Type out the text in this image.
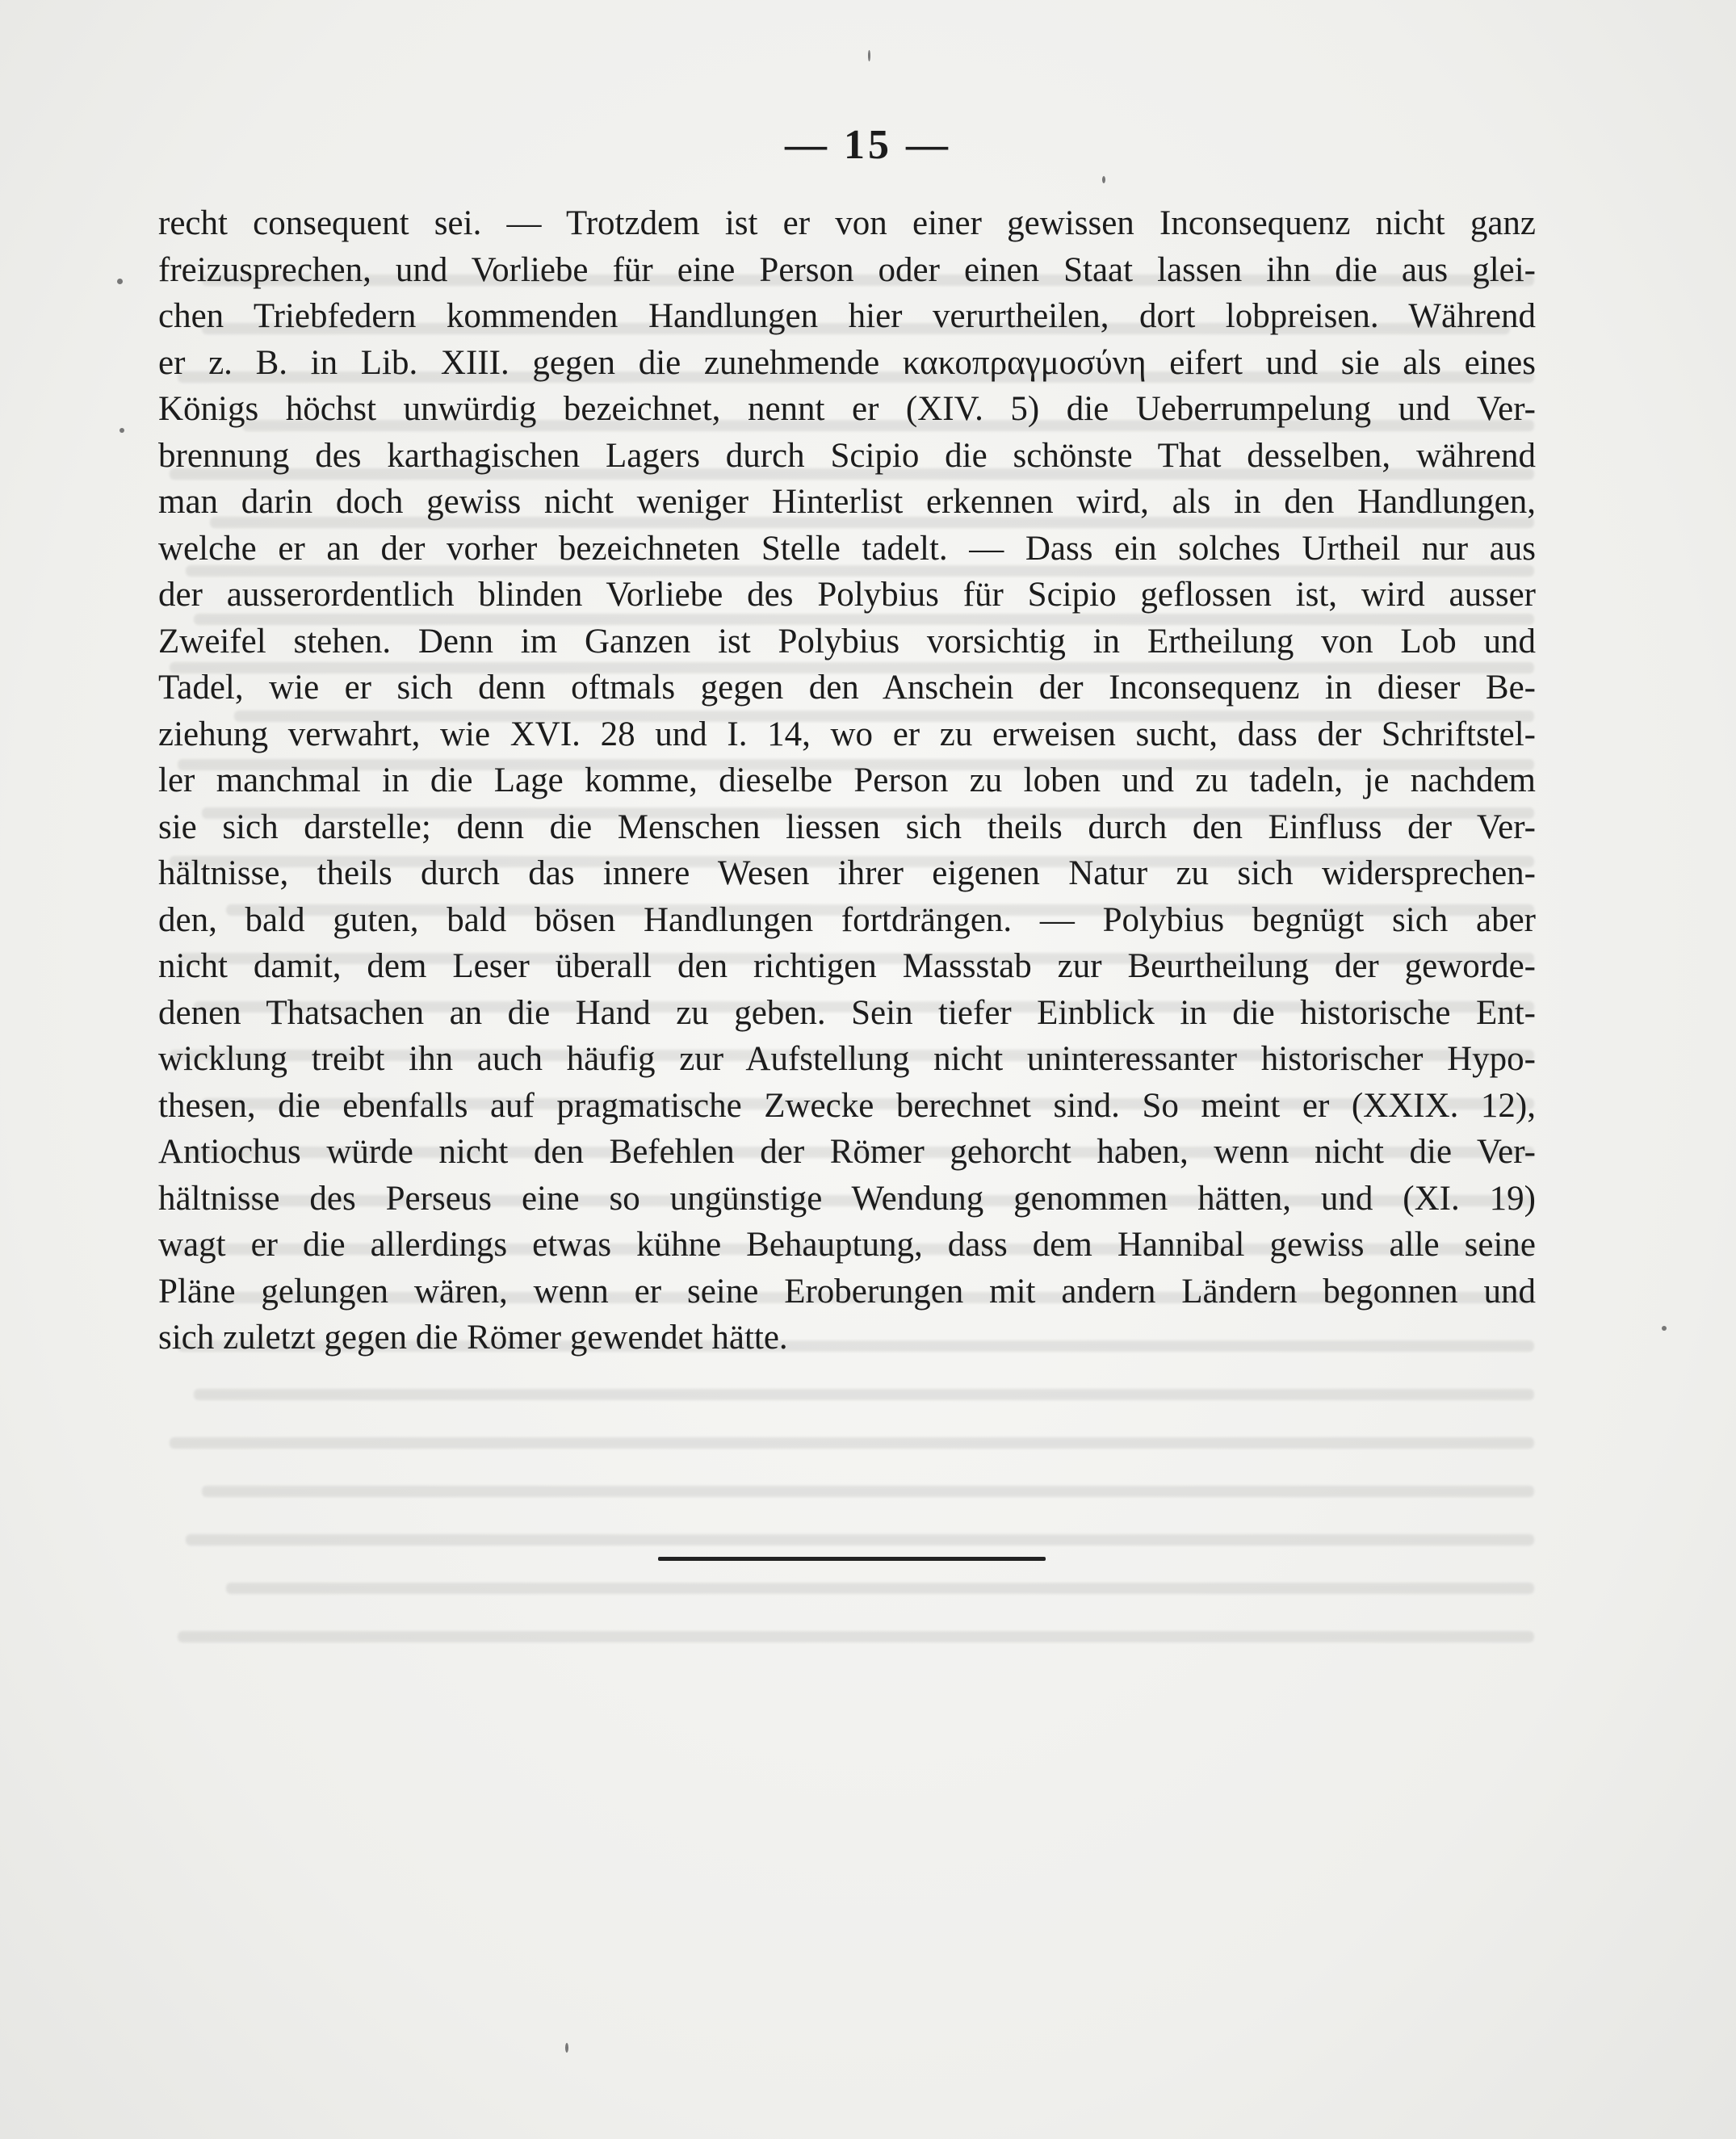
— 15 —
recht consequent sei. — Trotzdem ist er von einer gewissen Inconsequenz nicht ganz
freizusprechen, und Vorliebe für eine Person oder einen Staat lassen ihn die aus glei-
chen Triebfedern kommenden Handlungen hier verurtheilen, dort lobpreisen. Während
er z. B. in Lib. XIII. gegen die zunehmende κακοπραγμοσύνη eifert und sie als eines
Königs höchst unwürdig bezeichnet, nennt er (XIV. 5) die Ueberrumpelung und Ver-
brennung des karthagischen Lagers durch Scipio die schönste That desselben, während
man darin doch gewiss nicht weniger Hinterlist erkennen wird, als in den Handlungen,
welche er an der vorher bezeichneten Stelle tadelt. — Dass ein solches Urtheil nur aus
der ausserordentlich blinden Vorliebe des Polybius für Scipio geflossen ist, wird ausser
Zweifel stehen. Denn im Ganzen ist Polybius vorsichtig in Ertheilung von Lob und
Tadel, wie er sich denn oftmals gegen den Anschein der Inconsequenz in dieser Be-
ziehung verwahrt, wie XVI. 28 und I. 14, wo er zu erweisen sucht, dass der Schriftstel-
ler manchmal in die Lage komme, dieselbe Person zu loben und zu tadeln, je nachdem
sie sich darstelle; denn die Menschen liessen sich theils durch den Einfluss der Ver-
hältnisse, theils durch das innere Wesen ihrer eigenen Natur zu sich widersprechen-
den, bald guten, bald bösen Handlungen fortdrängen. — Polybius begnügt sich aber
nicht damit, dem Leser überall den richtigen Massstab zur Beurtheilung der geworde-
denen Thatsachen an die Hand zu geben. Sein tiefer Einblick in die historische Ent-
wicklung treibt ihn auch häufig zur Aufstellung nicht uninteressanter historischer Hypo-
thesen, die ebenfalls auf pragmatische Zwecke berechnet sind. So meint er (XXIX. 12),
Antiochus würde nicht den Befehlen der Römer gehorcht haben, wenn nicht die Ver-
hältnisse des Perseus eine so ungünstige Wendung genommen hätten, und (XI. 19)
wagt er die allerdings etwas kühne Behauptung, dass dem Hannibal gewiss alle seine
Pläne gelungen wären, wenn er seine Eroberungen mit andern Ländern begonnen und
sich zuletzt gegen die Römer gewendet hätte.
